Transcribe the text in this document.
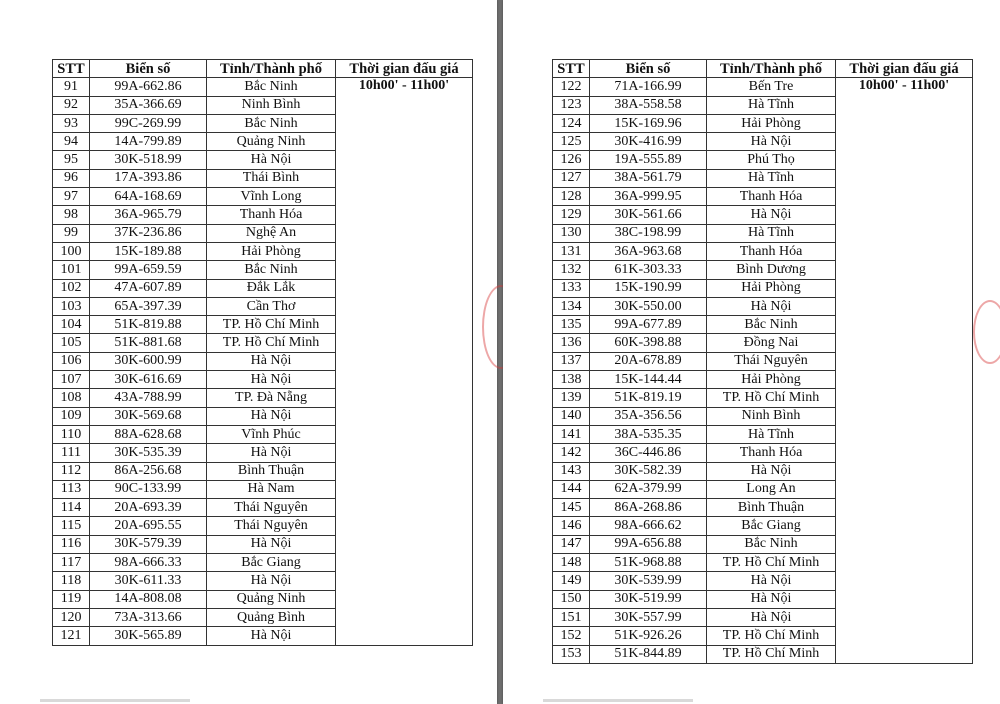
STT	Biển số	Tỉnh/Thành phố	Thời gian đấu giá
91	99A-662.86	Bắc Ninh	10h00' - 11h00'
92	35A-366.69	Ninh Bình	
93	99C-269.99	Bắc Ninh	
94	14A-799.89	Quảng Ninh	
95	30K-518.99	Hà Nội	
96	17A-393.86	Thái Bình	
97	64A-168.69	Vĩnh Long	
98	36A-965.79	Thanh Hóa	
99	37K-236.86	Nghệ An	
100	15K-189.88	Hải Phòng	
101	99A-659.59	Bắc Ninh	
102	47A-607.89	Đắk Lắk	
103	65A-397.39	Cần Thơ	
104	51K-819.88	TP. Hồ Chí Minh	
105	51K-881.68	TP. Hồ Chí Minh	
106	30K-600.99	Hà Nội	
107	30K-616.69	Hà Nội	
108	43A-788.99	TP. Đà Nẵng	
109	30K-569.68	Hà Nội	
110	88A-628.68	Vĩnh Phúc	
111	30K-535.39	Hà Nội	
112	86A-256.68	Bình Thuận	
113	90C-133.99	Hà Nam	
114	20A-693.39	Thái Nguyên	
115	20A-695.55	Thái Nguyên	
116	30K-579.39	Hà Nội	
117	98A-666.33	Bắc Giang	
118	30K-611.33	Hà Nội	
119	14A-808.08	Quảng Ninh	
120	73A-313.66	Quảng Bình	
121	30K-565.89	Hà Nội	
STT	Biển số	Tỉnh/Thành phố	Thời gian đấu giá
122	71A-166.99	Bến Tre	10h00' - 11h00'
123	38A-558.58	Hà Tĩnh	
124	15K-169.96	Hải Phòng	
125	30K-416.99	Hà Nội	
126	19A-555.89	Phú Thọ	
127	38A-561.79	Hà Tĩnh	
128	36A-999.95	Thanh Hóa	
129	30K-561.66	Hà Nội	
130	38C-198.99	Hà Tĩnh	
131	36A-963.68	Thanh Hóa	
132	61K-303.33	Bình Dương	
133	15K-190.99	Hải Phòng	
134	30K-550.00	Hà Nội	
135	99A-677.89	Bắc Ninh	
136	60K-398.88	Đồng Nai	
137	20A-678.89	Thái Nguyên	
138	15K-144.44	Hải Phòng	
139	51K-819.19	TP. Hồ Chí Minh	
140	35A-356.56	Ninh Bình	
141	38A-535.35	Hà Tĩnh	
142	36C-446.86	Thanh Hóa	
143	30K-582.39	Hà Nội	
144	62A-379.99	Long An	
145	86A-268.86	Bình Thuận	
146	98A-666.62	Bắc Giang	
147	99A-656.88	Bắc Ninh	
148	51K-968.88	TP. Hồ Chí Minh	
149	30K-539.99	Hà Nội	
150	30K-519.99	Hà Nội	
151	30K-557.99	Hà Nội	
152	51K-926.26	TP. Hồ Chí Minh	
153	51K-844.89	TP. Hồ Chí Minh	
